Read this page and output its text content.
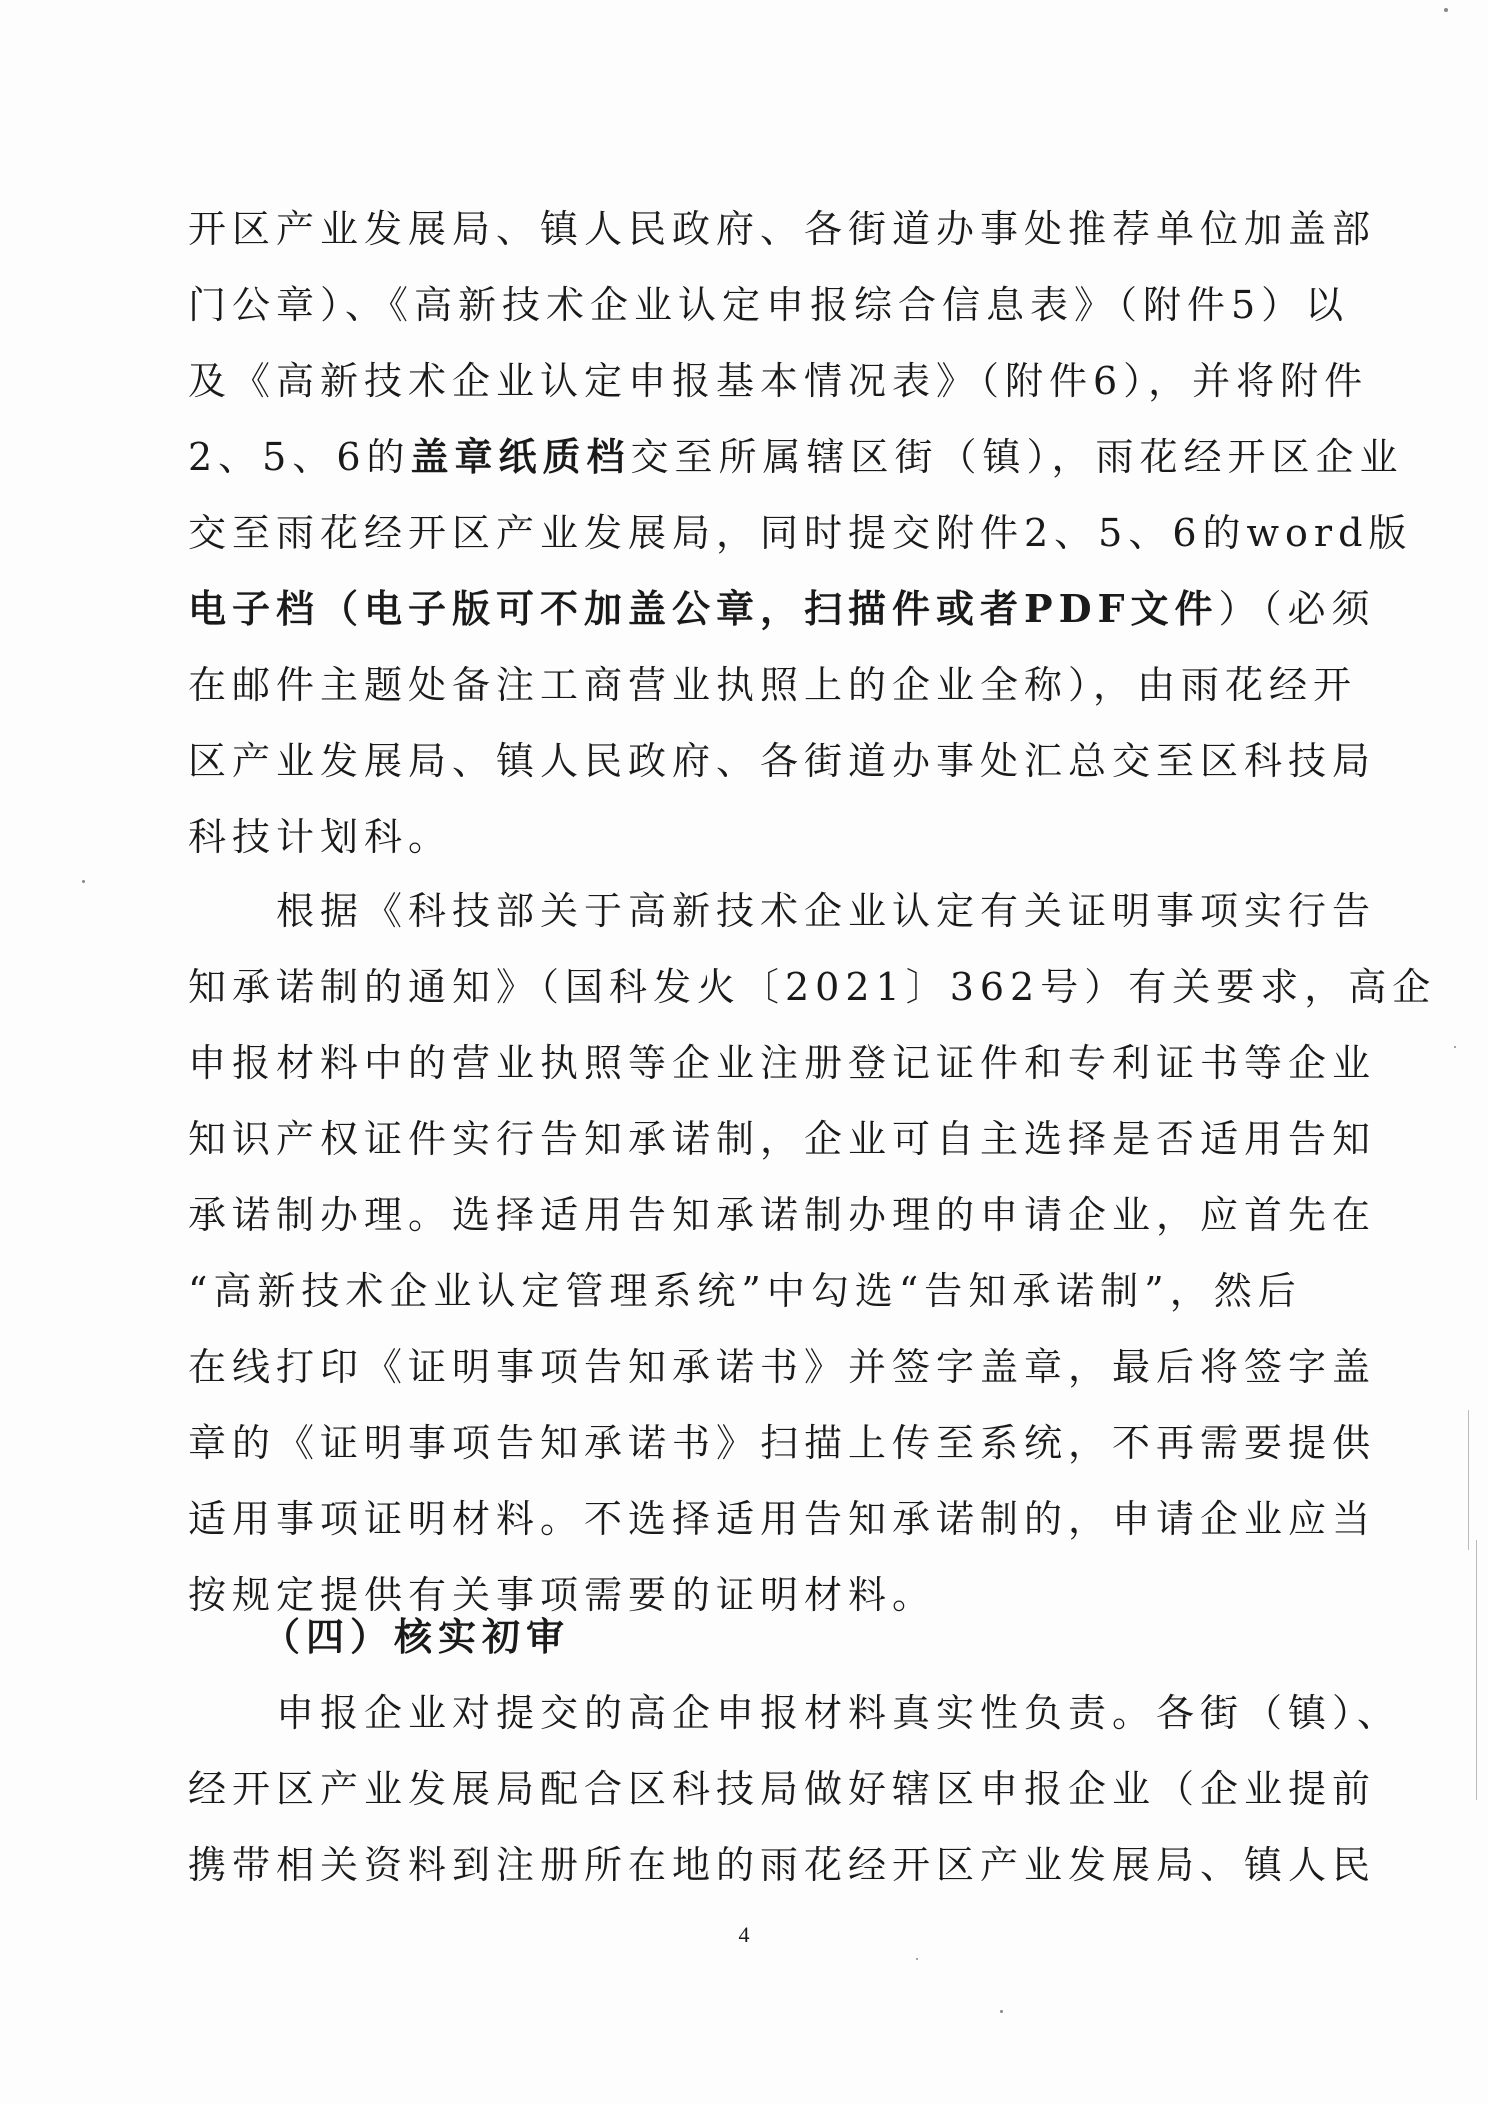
开区产业发展局、镇人民政府、各街道办事处推荐单位加盖部
门公章）、《高新技术企业认定申报综合信息表》（附件5）以
及《高新技术企业认定申报基本情况表》（附件6），并将附件
2、5、6的盖章纸质档交至所属辖区街（镇），雨花经开区企业
交至雨花经开区产业发展局，同时提交附件2、5、6的word版
电子档（电子版可不加盖公章，扫描件或者PDF文件）（必须
在邮件主题处备注工商营业执照上的企业全称），由雨花经开
区产业发展局、镇人民政府、各街道办事处汇总交至区科技局
科技计划科。
　　根据《科技部关于高新技术企业认定有关证明事项实行告
知承诺制的通知》（国科发火〔2021〕362号）有关要求，高企
申报材料中的营业执照等企业注册登记证件和专利证书等企业
知识产权证件实行告知承诺制，企业可自主选择是否适用告知
承诺制办理。选择适用告知承诺制办理的申请企业，应首先在
“高新技术企业认定管理系统”中勾选“告知承诺制”，然后
在线打印《证明事项告知承诺书》并签字盖章，最后将签字盖
章的《证明事项告知承诺书》扫描上传至系统，不再需要提供
适用事项证明材料。不选择适用告知承诺制的，申请企业应当
按规定提供有关事项需要的证明材料。
（四）核实初审
　　申报企业对提交的高企申报材料真实性负责。各街（镇）、
经开区产业发展局配合区科技局做好辖区申报企业（企业提前
携带相关资料到注册所在地的雨花经开区产业发展局、镇人民
4
